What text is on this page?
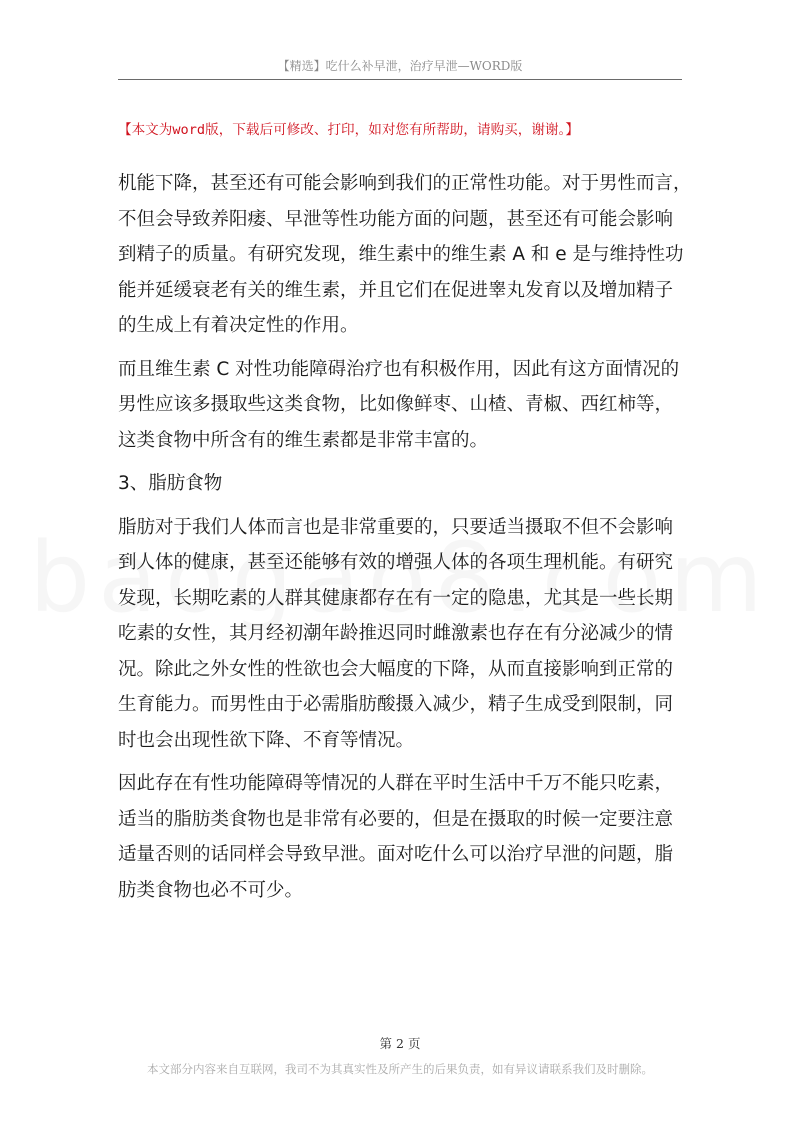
【精选】吃什么补早泄，治疗早泄—WORD版
【本文为word版，下载后可修改、打印，如对您有所帮助，请购买，谢谢。】
机能下降，甚至还有可能会影响到我们的正常性功能。对于男性而言，
不但会导致养阳痿、早泄等性功能方面的问题，甚至还有可能会影响
到精子的质量。有研究发现，维生素中的维生素 A 和 e 是与维持性功
能并延缓衰老有关的维生素，并且它们在促进睾丸发育以及增加精子
的生成上有着决定性的作用。
而且维生素 C 对性功能障碍治疗也有积极作用，因此有这方面情况的
男性应该多摄取些这类食物，比如像鲜枣、山楂、青椒、西红柿等，
这类食物中所含有的维生素都是非常丰富的。
3、脂肪食物
脂肪对于我们人体而言也是非常重要的，只要适当摄取不但不会影响
到人体的健康，甚至还能够有效的增强人体的各项生理机能。有研究
发现，长期吃素的人群其健康都存在有一定的隐患，尤其是一些长期
吃素的女性，其月经初潮年龄推迟同时雌激素也存在有分泌减少的情
况。除此之外女性的性欲也会大幅度的下降，从而直接影响到正常的
生育能力。而男性由于必需脂肪酸摄入减少，精子生成受到限制，同
时也会出现性欲下降、不育等情况。
因此存在有性功能障碍等情况的人群在平时生活中千万不能只吃素，
适当的脂肪类食物也是非常有必要的，但是在摄取的时候一定要注意
适量否则的话同样会导致早泄。面对吃什么可以治疗早泄的问题，脂
肪类食物也必不可少。
第 2 页
本文部分内容来自互联网，我司不为其真实性及所产生的后果负责，如有异议请联系我们及时删除。
